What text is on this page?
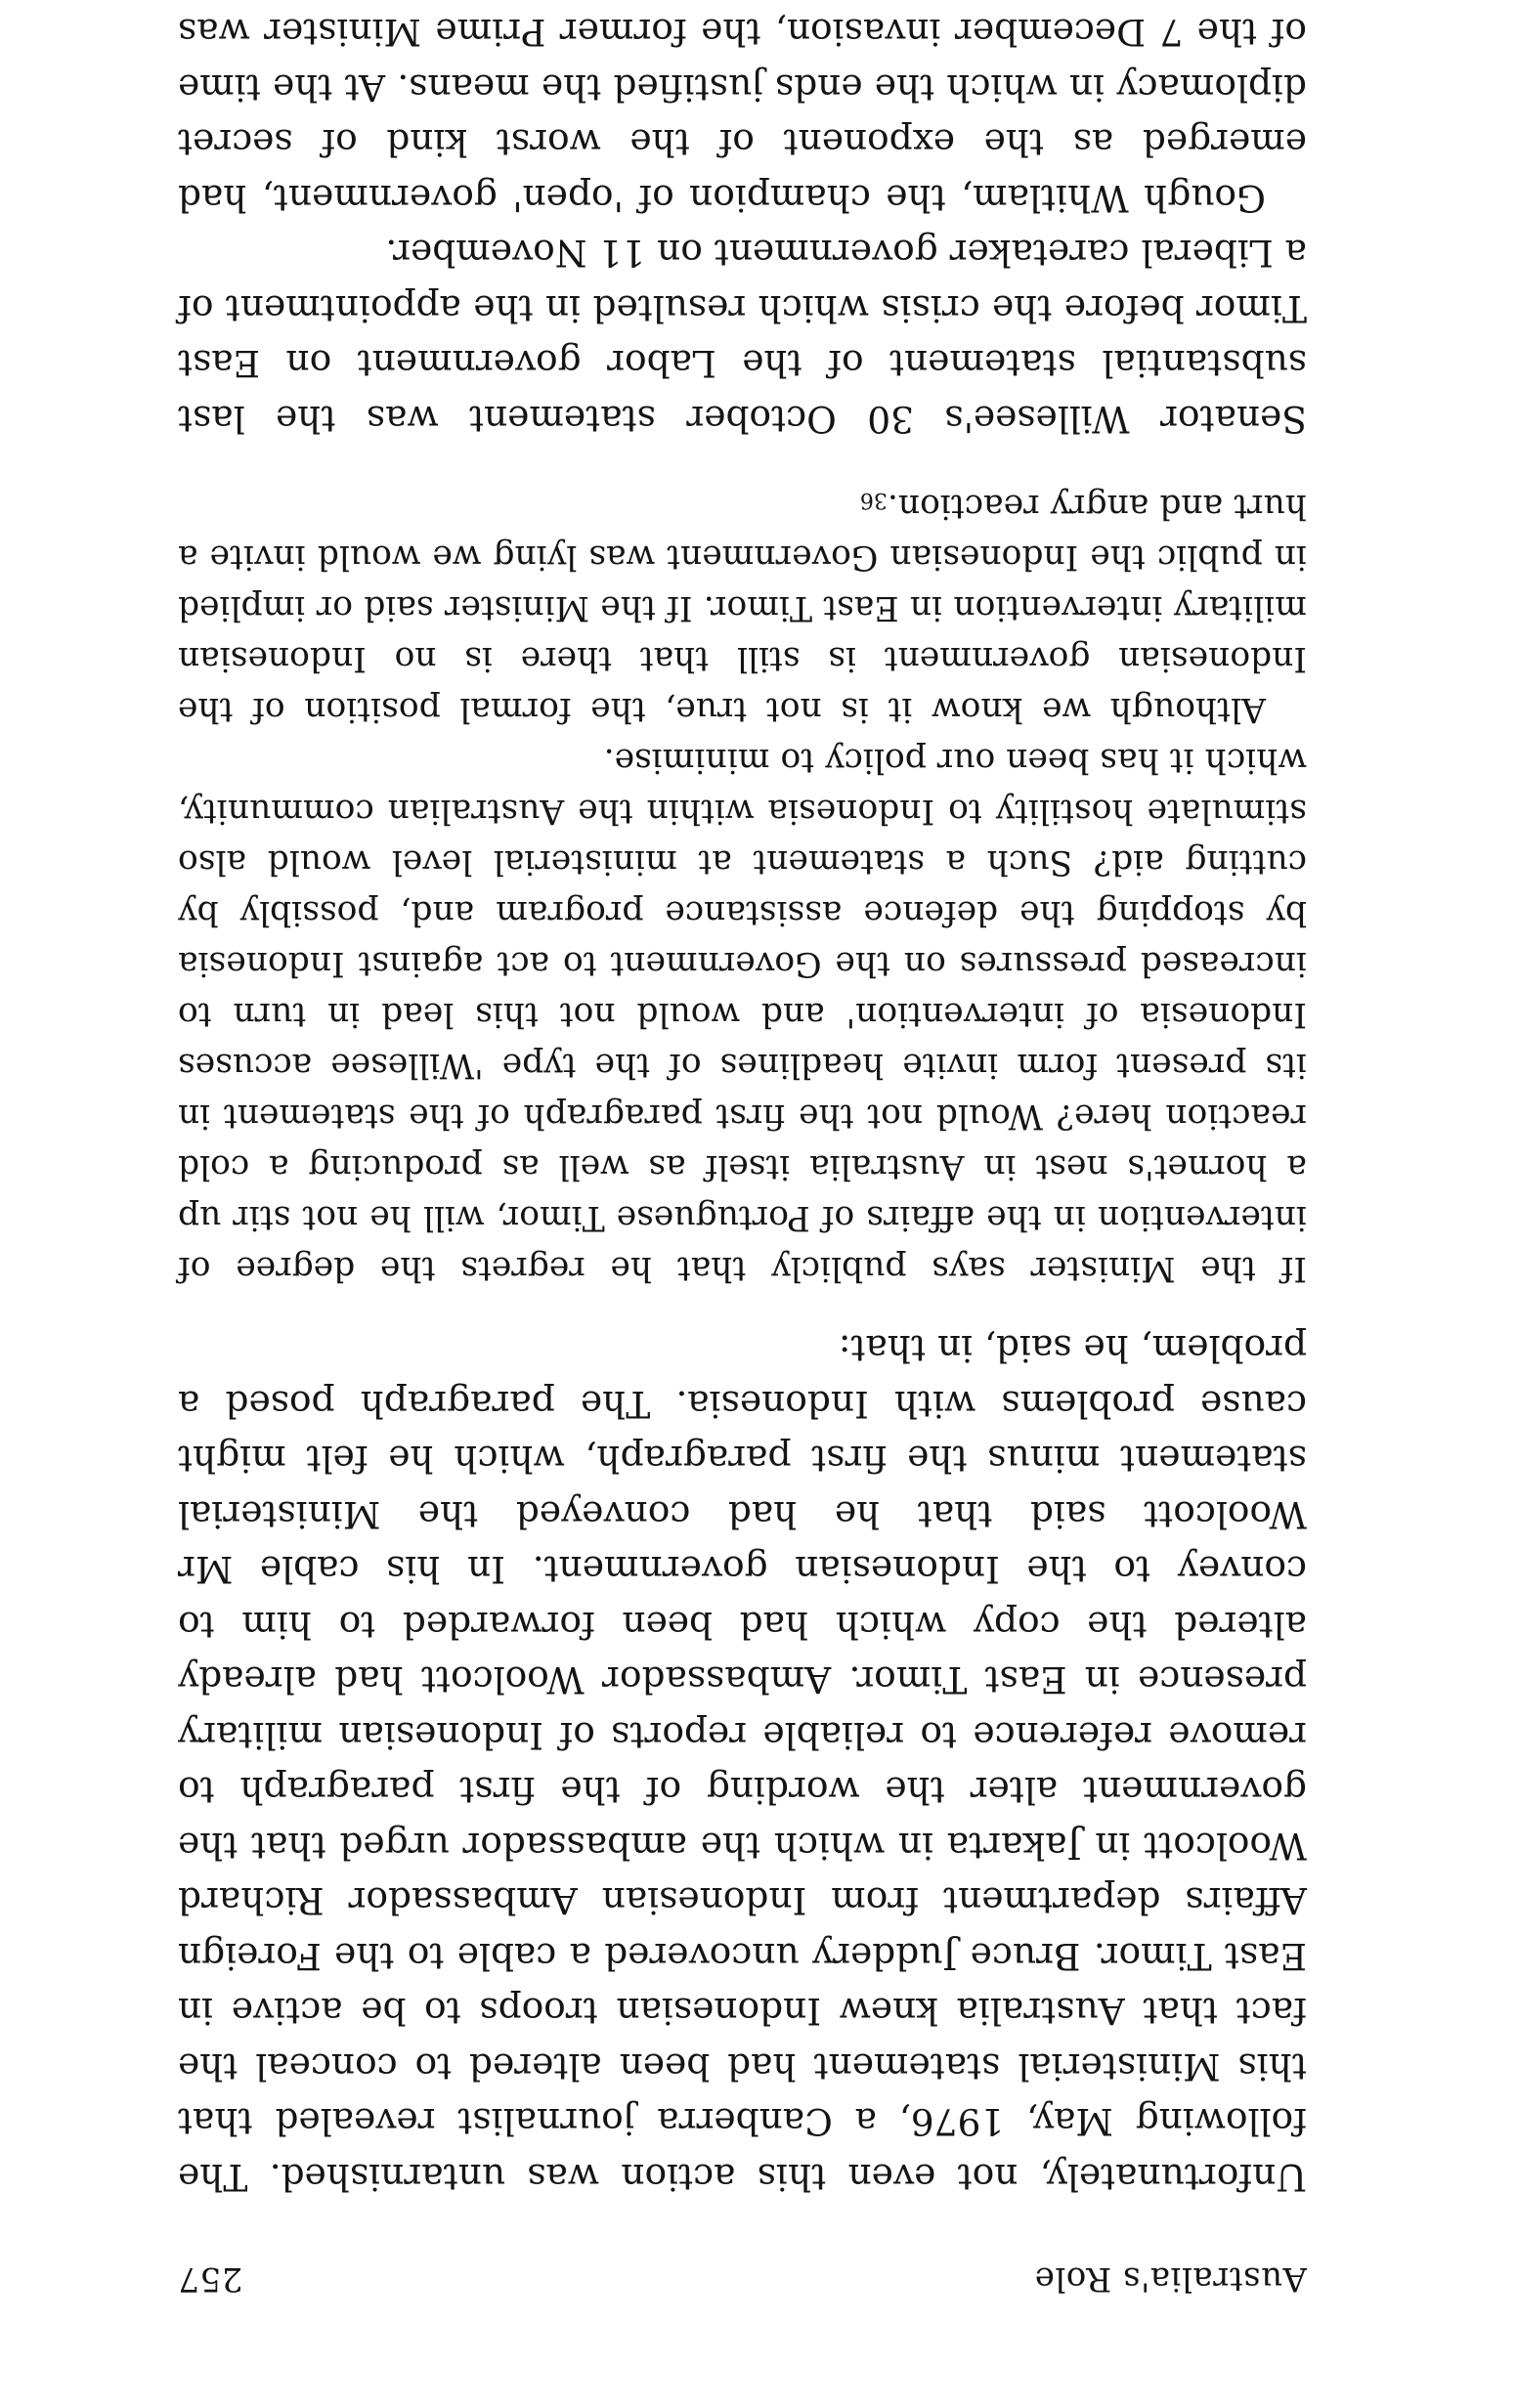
Australia's Role
257

Unfortunately, not even this action was untarnished. The following May, 1976, a Canberra journalist revealed that this Ministerial statement had been altered to conceal the fact that Australia knew Indonesian troops to be active in East Timor. Bruce Juddery uncovered a cable to the Foreign Affairs department from Indonesian Ambassador Richard Woolcott in Jakarta in which the ambassador urged that the government alter the wording of the first paragraph to remove reference to reliable reports of Indonesian military presence in East Timor. Ambassador Woolcott had already altered the copy which had been forwarded to him to convey to the Indonesian government. In his cable Mr Woolcott said that he had conveyed the Ministerial statement minus the first paragraph, which he felt might cause problems with Indonesia. The paragraph posed a problem, he said, in that:

If the Minister says publicly that he regrets the degree of intervention in the affairs of Portuguese Timor, will he not stir up a hornet's nest in Australia itself as well as producing a cold reaction here? Would not the first paragraph of the statement in its present form invite headlines of the type 'Willesee accuses Indonesia of intervention' and would not this lead in turn to increased pressures on the Government to act against Indonesia by stopping the defence assistance program and, possibly by cutting aid? Such a statement at ministerial level would also stimulate hostility to Indonesia within the Australian community, which it has been our policy to minimise.

Although we know it is not true, the formal position of the Indonesian government is still that there is no Indonesian military intervention in East Timor. If the Minister said or implied in public the Indonesian Government was lying we would invite a hurt and angry reaction.$^{36}$

Senator Willesee's 30 October statement was the last substantial statement of the Labor government on East Timor before the crisis which resulted in the appointment of a Liberal caretaker government on 11 November.

Gough Whitlam, the champion of 'open' government, had emerged as the exponent of the worst kind of secret diplomacy in which the ends justified the means. At the time of the 7 December invasion, the former Prime Minister was
